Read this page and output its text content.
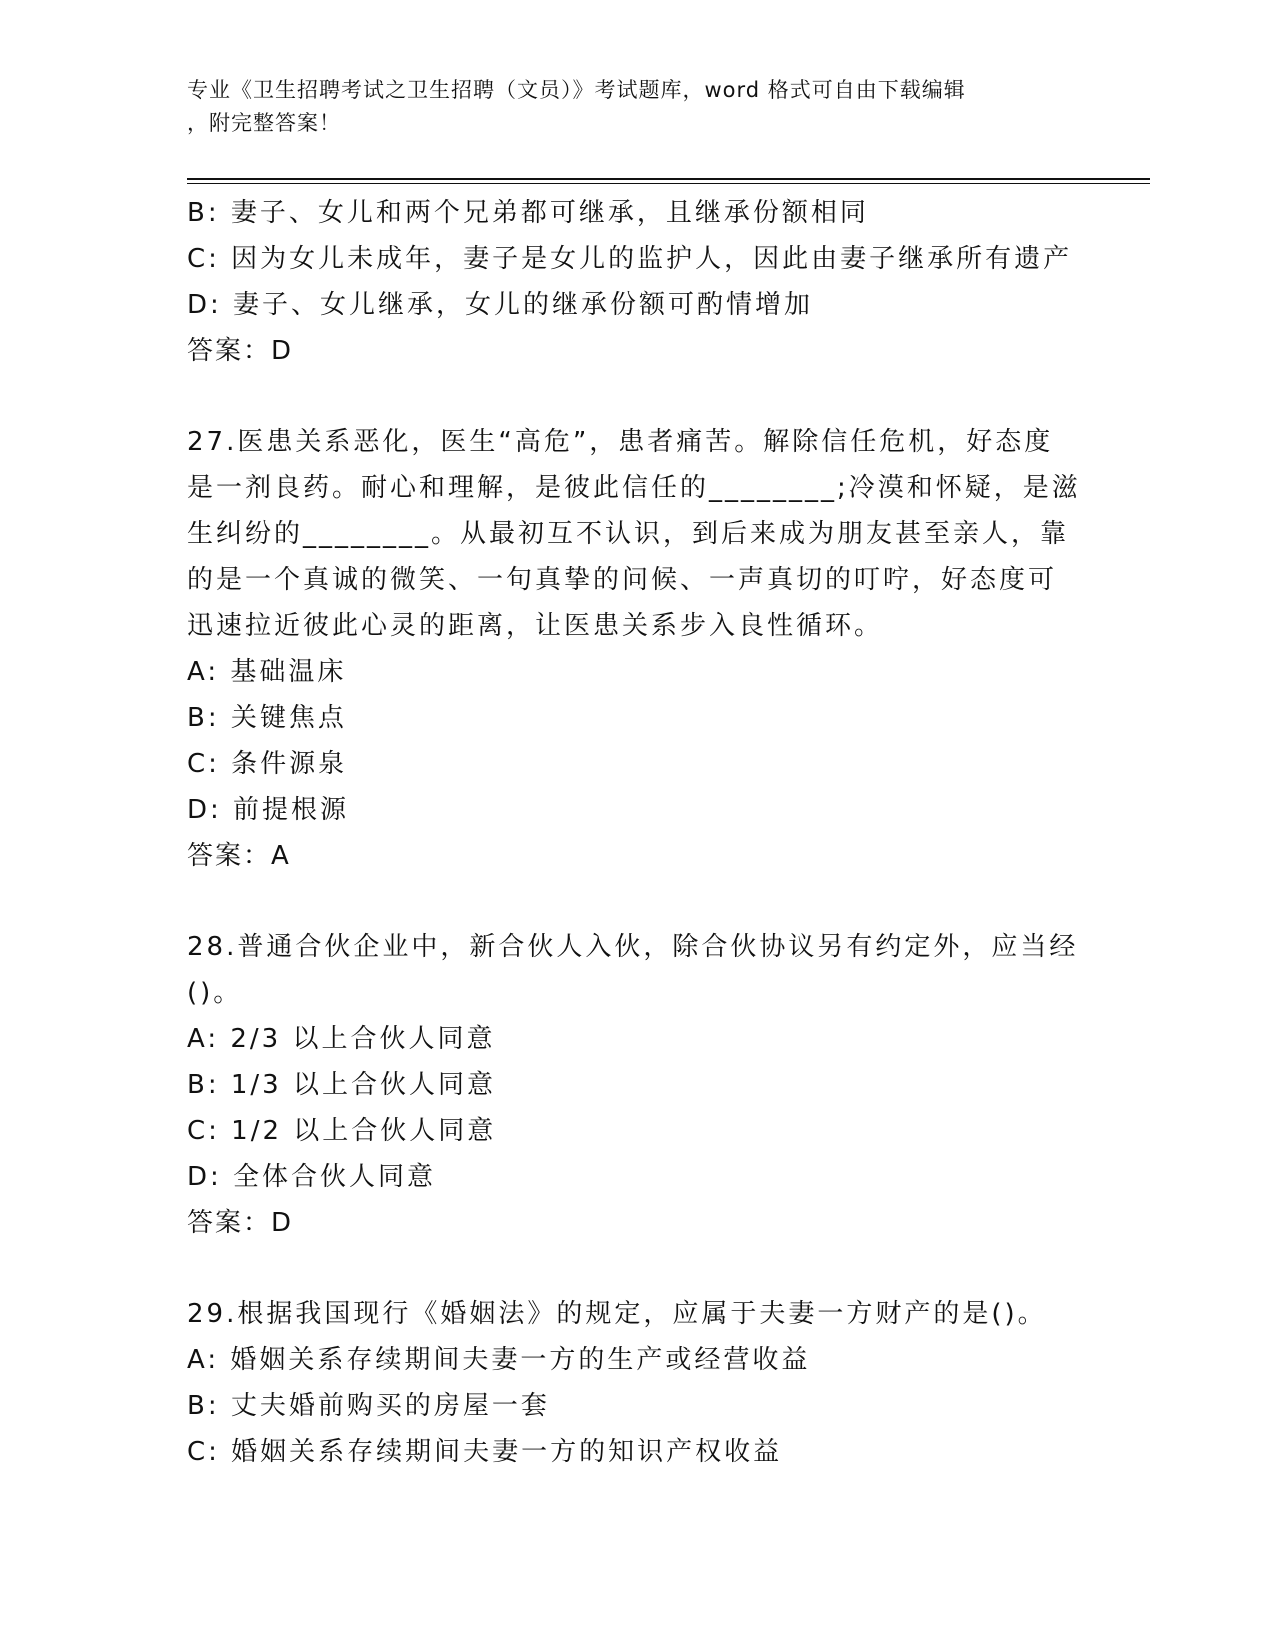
专业《卫生招聘考试之卫生招聘（文员）》考试题库，word 格式可自由下载编辑
，附完整答案！
B: 妻子、女儿和两个兄弟都可继承，且继承份额相同
C: 因为女儿未成年，妻子是女儿的监护人，因此由妻子继承所有遗产
D: 妻子、女儿继承，女儿的继承份额可酌情增加
答案：D
27.医患关系恶化，医生“高危”，患者痛苦。解除信任危机，好态度
是一剂良药。耐心和理解，是彼此信任的________;冷漠和怀疑，是滋
生纠纷的________。从最初互不认识，到后来成为朋友甚至亲人，靠
的是一个真诚的微笑、一句真挚的问候、一声真切的叮咛，好态度可
迅速拉近彼此心灵的距离，让医患关系步入良性循环。
A: 基础温床
B: 关键焦点
C: 条件源泉
D: 前提根源
答案：A
28.普通合伙企业中，新合伙人入伙，除合伙协议另有约定外，应当经
()。
A: 2/3 以上合伙人同意
B: 1/3 以上合伙人同意
C: 1/2 以上合伙人同意
D: 全体合伙人同意
答案：D
29.根据我国现行《婚姻法》的规定，应属于夫妻一方财产的是()。
A: 婚姻关系存续期间夫妻一方的生产或经营收益
B: 丈夫婚前购买的房屋一套
C: 婚姻关系存续期间夫妻一方的知识产权收益
